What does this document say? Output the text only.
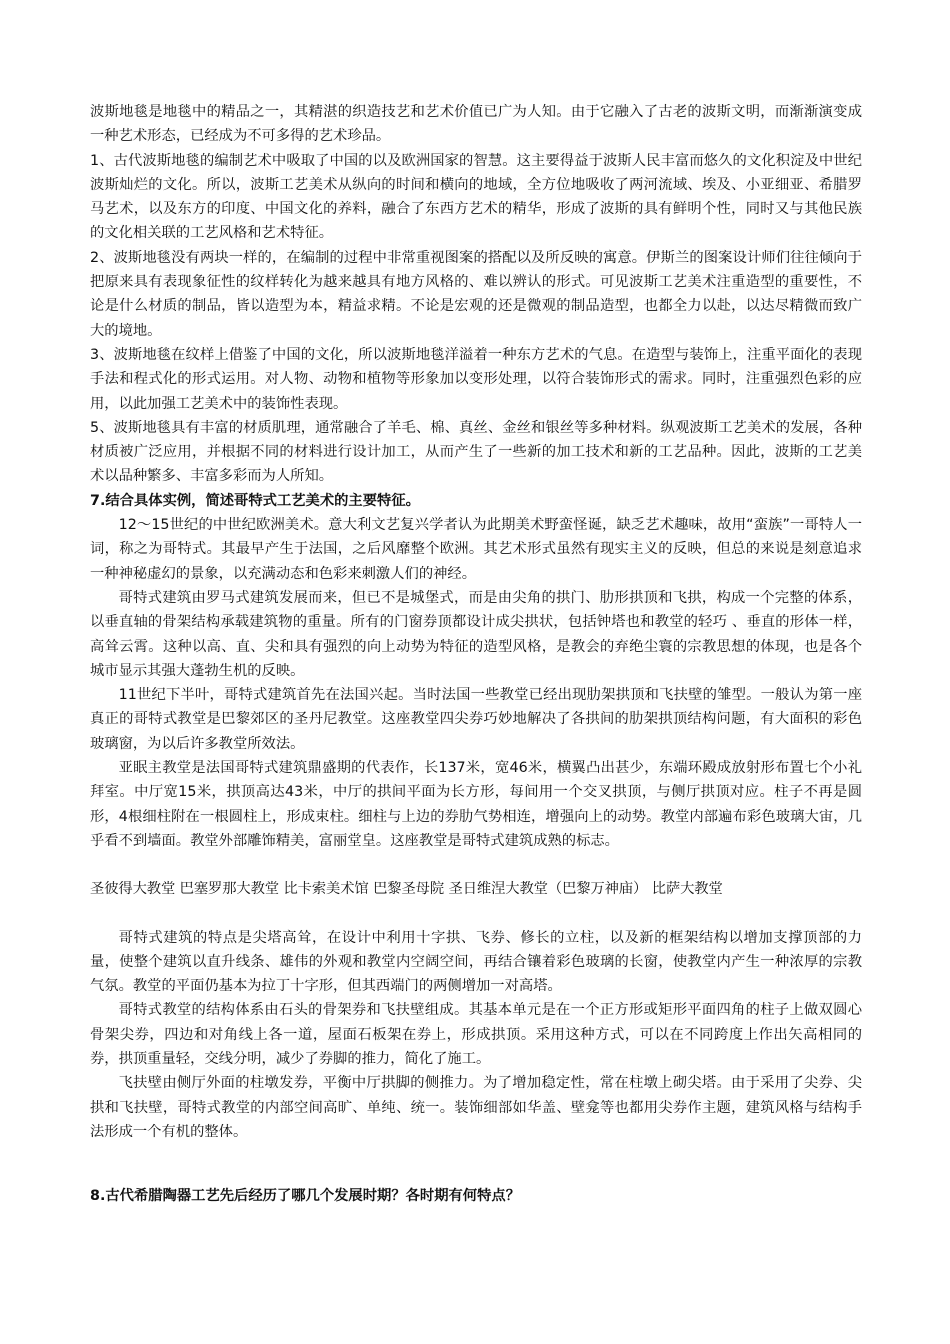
波斯地毯是地毯中的精品之一，其精湛的织造技艺和艺术价值已广为人知。由于它融入了古老的波斯文明，而渐渐演变成一种艺术形态，已经成为不可多得的艺术珍品。

1、古代波斯地毯的编制艺术中吸取了中国的以及欧洲国家的智慧。这主要得益于波斯人民丰富而悠久的文化积淀及中世纪波斯灿烂的文化。所以，波斯工艺美术从纵向的时间和横向的地域，全方位地吸收了两河流域、埃及、小亚细亚、希腊罗马艺术，以及东方的印度、中国文化的养料，融合了东西方艺术的精华，形成了波斯的具有鲜明个性，同时又与其他民族的文化相关联的工艺风格和艺术特征。

2、波斯地毯没有两块一样的，在编制的过程中非常重视图案的搭配以及所反映的寓意。伊斯兰的图案设计师们往往倾向于把原来具有表现象征性的纹样转化为越来越具有地方风格的、难以辨认的形式。可见波斯工艺美术注重造型的重要性，不论是什么材质的制品，皆以造型为本，精益求精。不论是宏观的还是微观的制品造型，也都全力以赴，以达尽精微而致广大的境地。

3、波斯地毯在纹样上借鉴了中国的文化，所以波斯地毯洋溢着一种东方艺术的气息。在造型与装饰上，注重平面化的表现手法和程式化的形式运用。对人物、动物和植物等形象加以变形处理，以符合装饰形式的需求。同时，注重强烈色彩的应用，以此加强工艺美术中的装饰性表现。

5、波斯地毯具有丰富的材质肌理，通常融合了羊毛、棉、真丝、金丝和银丝等多种材料。纵观波斯工艺美术的发展，各种材质被广泛应用，并根据不同的材料进行设计加工，从而产生了一些新的加工技术和新的工艺品种。因此，波斯的工艺美术以品种繁多、丰富多彩而为人所知。

7.结合具体实例，简述哥特式工艺美术的主要特征。

12～15世纪的中世纪欧洲美术。意大利文艺复兴学者认为此期美术野蛮怪诞，缺乏艺术趣味，故用“蛮族”一哥特人一词，称之为哥特式。其最早产生于法国，之后风靡整个欧洲。其艺术形式虽然有现实主义的反映，但总的来说是刻意追求一种神秘虚幻的景象，以充满动态和色彩来刺激人们的神经。

哥特式建筑由罗马式建筑发展而来，但已不是城堡式，而是由尖角的拱门、肋形拱顶和飞拱，构成一个完整的体系，以垂直轴的骨架结构承载建筑物的重量。所有的门窗券顶都设计成尖拱状，包括钟塔也和教堂的轻巧 、垂直的形体一样，高耸云霄。这种以高、直、尖和具有强烈的向上动势为特征的造型风格，是教会的弃绝尘寰的宗教思想的体现，也是各个城市显示其强大蓬勃生机的反映。

11世纪下半叶，哥特式建筑首先在法国兴起。当时法国一些教堂已经出现肋架拱顶和飞扶壁的雏型。一般认为第一座真正的哥特式教堂是巴黎郊区的圣丹尼教堂。这座教堂四尖券巧妙地解决了各拱间的肋架拱顶结构问题，有大面积的彩色玻璃窗，为以后许多教堂所效法。

亚眠主教堂是法国哥特式建筑鼎盛期的代表作，长137米，宽46米，横翼凸出甚少，东端环殿成放射形布置七个小礼拜室。中厅宽15米，拱顶高达43米，中厅的拱间平面为长方形，每间用一个交叉拱顶，与侧厅拱顶对应。柱子不再是圆形，4根细柱附在一根圆柱上，形成束柱。细柱与上边的券肋气势相连，增强向上的动势。教堂内部遍布彩色玻璃大宙，几乎看不到墙面。教堂外部雕饰精美，富丽堂皇。这座教堂是哥特式建筑成熟的标志。

圣彼得大教堂 巴塞罗那大教堂 比卡索美术馆 巴黎圣母院 圣日维涅大教堂（巴黎万神庙） 比萨大教堂

哥特式建筑的特点是尖塔高耸，在设计中利用十字拱、飞券、修长的立柱，以及新的框架结构以增加支撑顶部的力量，使整个建筑以直升线条、雄伟的外观和教堂内空阔空间，再结合镶着彩色玻璃的长窗，使教堂内产生一种浓厚的宗教气氛。教堂的平面仍基本为拉丁十字形，但其西端门的两侧增加一对高塔。

哥特式教堂的结构体系由石头的骨架券和飞扶壁组成。其基本单元是在一个正方形或矩形平面四角的柱子上做双圆心骨架尖券，四边和对角线上各一道，屋面石板架在券上，形成拱顶。采用这种方式，可以在不同跨度上作出矢高相同的券，拱顶重量轻，交线分明，减少了券脚的推力，简化了施工。

飞扶壁由侧厅外面的柱墩发券，平衡中厅拱脚的侧推力。为了增加稳定性，常在柱墩上砌尖塔。由于采用了尖券、尖拱和飞扶壁，哥特式教堂的内部空间高旷、单纯、统一。装饰细部如华盖、壁龛等也都用尖券作主题，建筑风格与结构手法形成一个有机的整体。

8.古代希腊陶器工艺先后经历了哪几个发展时期？各时期有何特点？
